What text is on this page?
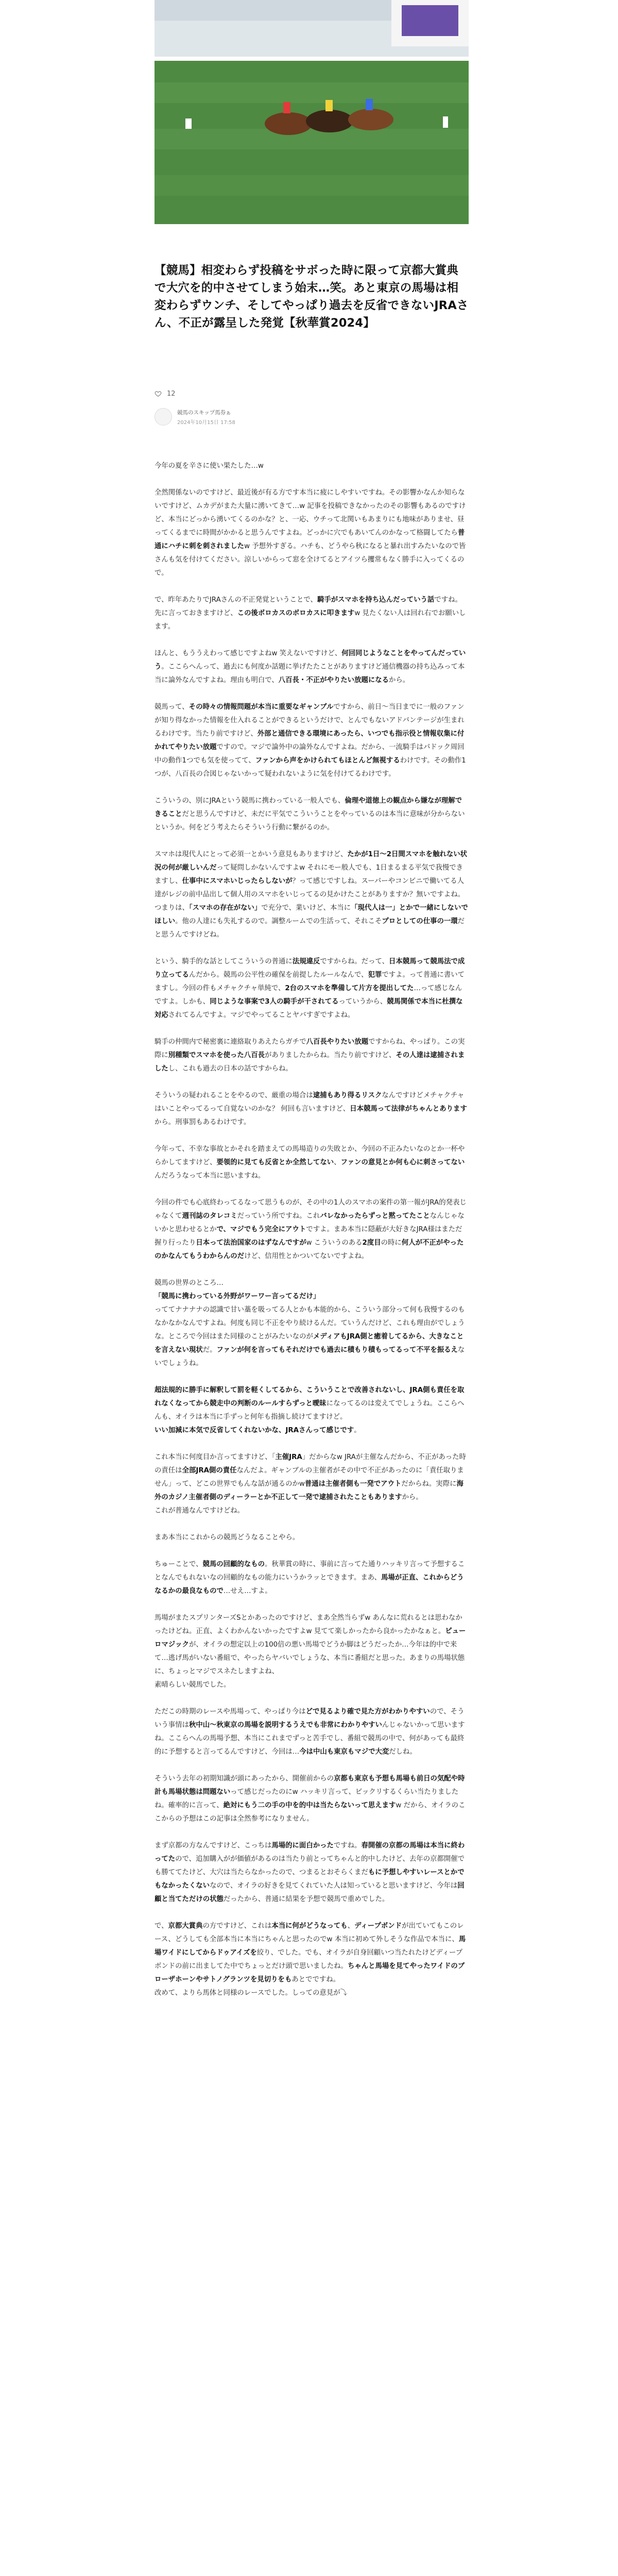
【競馬】相変わらず投稿をサボった時に限って京都大賞典で大穴を的中させてしまう始末…笑。あと東京の馬場は相変わらずウンチ、そしてやっぱり過去を反省できないJRAさん、不正が露呈した発覚【秋華賞2024】
12
競馬のスキップ馬券ぁ
2024年10月15日 17:58

今年の夏を辛さに使い果たした…w

全然関係ないのですけど、最近後が有る方です本当に疲にしやすいですね。その影響かなんか知らないですけど、ムカデがまた大量に湧いてきて…w 記事を投稿できなかったのその影響もあるのですけど、本当にどっから湧いてくるのかな？と、一応、ウチって北関いもあまりにも地味がありませ、昼ってくるまでに時間がかかると思うんですよね。どっかに穴でもあいてんのかなって格闘してたら普通にハチに刺を刺されましたw 予想外すぎる。ハチも、どうやら秋になると暴れ出すみたいなので皆さんも気を付けてください。涼しいからって窓を全けてるとアイツら攫常もなく勝手に入ってくるので。

で、昨年あたりでJRAさんの不正発覚ということで、騎手がスマホを持ち込んだっていう話ですね。先に言っておきますけど、この後ボロカスのボロカスに叩きますw 見たくない人は回れ右でお願いします。

ほんと、もううえわって感じですよねw 笑えないですけど、何回同じようなことをやってんだっていう。ここらへんって、過去にも何度か話題に挙げたたことがありますけど通信機器の持ち込みって本当に論外なんですよね。理由も明白で、八百長・不正がやりたい放題になるから。

競馬って、その時々の情報問題が本当に重要なギャンブルですから、前日〜当日までに一般のファンが知り得なかった情報を仕入れることができるというだけで、とんでもないアドバンテージが生まれるわけです。当たり前ですけど、外部と通信できる環境にあったら、いつでも指示役と情報収集に付かれてやりたい放題ですので。マジで論外中の論外なんですよね。だから、一流騎手はパドック周回中の動作1つでも気を使ってて、ファンから声をかけられてもほとんど無視するわけです。その動作1つが、八百長の合図じゃないかって疑われないように気を付けてるわけです。

こういうの、別にJRAという競馬に携わっている一般人でも、倫理や道徳上の観点から嫌なが理解できることだと思うんですけど、未だに平気でこういうことをやっているのは本当に意味が分からないというか。何をどう考えたらそういう行動に繋がるのか。

スマホは現代人にとって必須一とかいう意見もありますけど、たかが1日〜2日間スマホを触れない状況の何が厳しいんだって疑問しかないんですよw それにモー般人でも、1日まるまる平気で我慢できますし、仕事中にスマホいじったらしないが？って感じですしね。スーパーやコンビニで働いてる人達がレジの前中品出して個人用のスマホをいじってるの見かけたことがありますか？無いですよね。つまりは、「スマホの存在がない」で充分で、業いけど、本当に「現代人は一」とかで一緒にしないでほしい。他の人達にも失礼するので。調整ルームでの生活って、それこそプロとしての仕事の一環だと思うんですけどね。

という、騎手的な話としてこういうの普通に法規違反ですからね。だって、日本競馬って競馬法で成り立ってるんだから。競馬の公平性の確保を前提したルールなんで、犯罪ですよ。って普通に書いてますし。今回の件もメチャクチャ単純で、2台のスマホを準備して片方を提出してた…って感じなんですよ。しかも、同じような事案で3人の騎手が干されてるっていうから、競馬関係で本当に杜撰な対応されてるんですよ。マジでやってることヤバすぎですよね。

騎手の仲間内で秘密裏に連絡取りあえたらガチで八百長やりたい放題ですからね、やっぱり。この実際に別種類でスマホを使った八百長がありましたからね。当たり前ですけど、その人達は逮捕されましたし、これも過去の日本の話ですからね。

そういうの疑われることをやるので、厳重の場合は逮捕もあり得るリスクなんですけどメチャクチャはいことやってるって自覚ないのかな？ 何回も言いますけど、日本競馬って法律がちゃんとありますから。刑事罰もあるわけです。

今年って、不幸な事故とかそれを踏まえての馬場造りの失敗とか、今回の不正みたいなのとか一杯やらかしてますけど、要領的に見ても反省とか全然してない、ファンの意見とか何も心に刺さってないんだろうなって本当に思いますね。

今回の件でも心底終わってるなって思うものが、その中の1人のスマホの案件の第一報がJRA的発表じゃなくて週刊誌のタレコミだっていう所ですね。これバレなかったらずっと黙ってたことなんじゃないかと思わせるとかで、マジでもう完全にアウトですよ。まあ本当に隠蔽が大好きなJRA様はまただ握り行ったり日本って法治国家のはずなんですがw こういうのある2度目の時に何人が不正がやったのかなんてもうわからんのだけど、信用性とかついてないですよね。

競馬の世界のところ…
「競馬に携わっている外野がワーワー言ってるだけ」
っててナナナナの認識で甘い藁を吸ってる人とかも本能的から、こういう部分って何も我慢するのもなかなかなんですよね。何度も同じ不正をやり続けるんだ。ていうんだけど、これも理由がでしょうな。ところで今回はまた同様のことがみたいなのがメディアもJRA側と癒着してるから、大きなことを言えない現状だ。ファンが何を言ってもそれだけでも過去に積もり積もってるって不平を振るえないでしょうね。

超法規的に勝手に解釈して罰を軽くしてるから、こういうことで改善されないし、JRA側も責任を取れなくなってから競走中の判断のルールすらずっと曖昧になってるのは変えてでしょうね。ここらへんも、オイラは本当に手ずっと何年も指摘し続けてますけど。
いい加減に本気で反省してくれないかな、JRAさんって感じです。

これ本当に何度目か言ってますけど、「主催JRA」だからなw JRAが主催なんだから、不正があった時の責任は全部JRA側の責任なんだよ。ギャンブルの主催者がその中で不正があったのに「責任取りません」って、どこの世界でもんな話が通るのかw普通は主催者側も一発でアウトだからね。実際に海外のカジノ主催者側のディーラーとか不正して一発で逮捕されたこともありますから。
これが普通なんですけどね。

まあ本当にこれからの競馬どうなることやら。

ちゅーことで、競馬の回顧的なもの。秋華賞の時に、事前に言ってた通りハッキリ言って予想することなんでもれないなの回顧的なもの能力にいうかラッとできます。まあ、馬場が正直、これからどうなるかの最良なもので…せえ…すよ。

馬場がまたスプリンターズSとかあったのですけど、まあ全然当らずw あんなに荒れるとは思わなかったけどね。正直、よくわかんないかったですよw 見てて楽しかったから良かったかなぁと。ピューロマジックが、オイラの想定以上の100倍の悪い馬場でどうか脚はどうだったか…今年は的中で来て…逃げ馬がいない番組で、やったらヤバいでしょうな、本当に番組だと思った。あまりの馬場状態に、ちょっとマジでスネたしますよね、
素晴らしい競馬でした。

ただこの時期のレースや馬場って、やっぱり今はどで見るより確で見た方がわかりやすいので、そういう事情は秋中山〜秋東京の馬場を説明するうえでも非常にわかりやすいんじゃないかって思いますね。ここらへんの馬場予想、本当にこれまでずっと苦手でし、番組で競馬の中で、何があっても最終的に予想すると言ってるんですけど、今回は…今は中山も東京もマジで大変だしね。

そういう去年の初期知識が頭にあったから、開催前からの京都も東京も予想も馬場も前日の気配や時計も馬場状態は問題ないって感じだったのにw ハッキリ言って、ビックリするくらい当たりましたね。確率的に言って、絶対にもう二の手の中を的中は当たらないって思えますw だから、オイラのここからの予想はこの記事は全然参考になりません。

まず京都の方なんですけど、こっちは馬場的に面白かったですね。春開催の京都の馬場は本当に終わってたので、追加購入がが価値があるのは当たり前とってちゃんと的中したけど、去年の京都開催でも勝ててたけど、大穴は当たらなかったので、つまるとおそらくまだもに予想しやすいレースとかでもなかったくないなので、オイラの好きを見てくれていた人は知っていると思いますけど、今年は回顧と当てただけの状態だったから、普通に結果を予想で競馬で重めでした。

で、京都大賞典の方ですけど、これは本当に何がどうなっても、ディープボンドが出ていてもこのレース、どうしても全部本当に本当にちゃんと思ったのでw 本当に初めて外しそうな作品で本当に、馬場ワイドにしてからドゥアイズを絞り、でした。でも、オイラが自身回顧いつ当たれたけどディープボンドの前に出ましてた中でちょっとだけ頭で思いましたね。ちゃんと馬場を見てやったワイドのブローザホーンやサトノグランツを見切りをもあとでですね。
改めて、よりら馬体と同様のレースでした。しっての意見が⤵
